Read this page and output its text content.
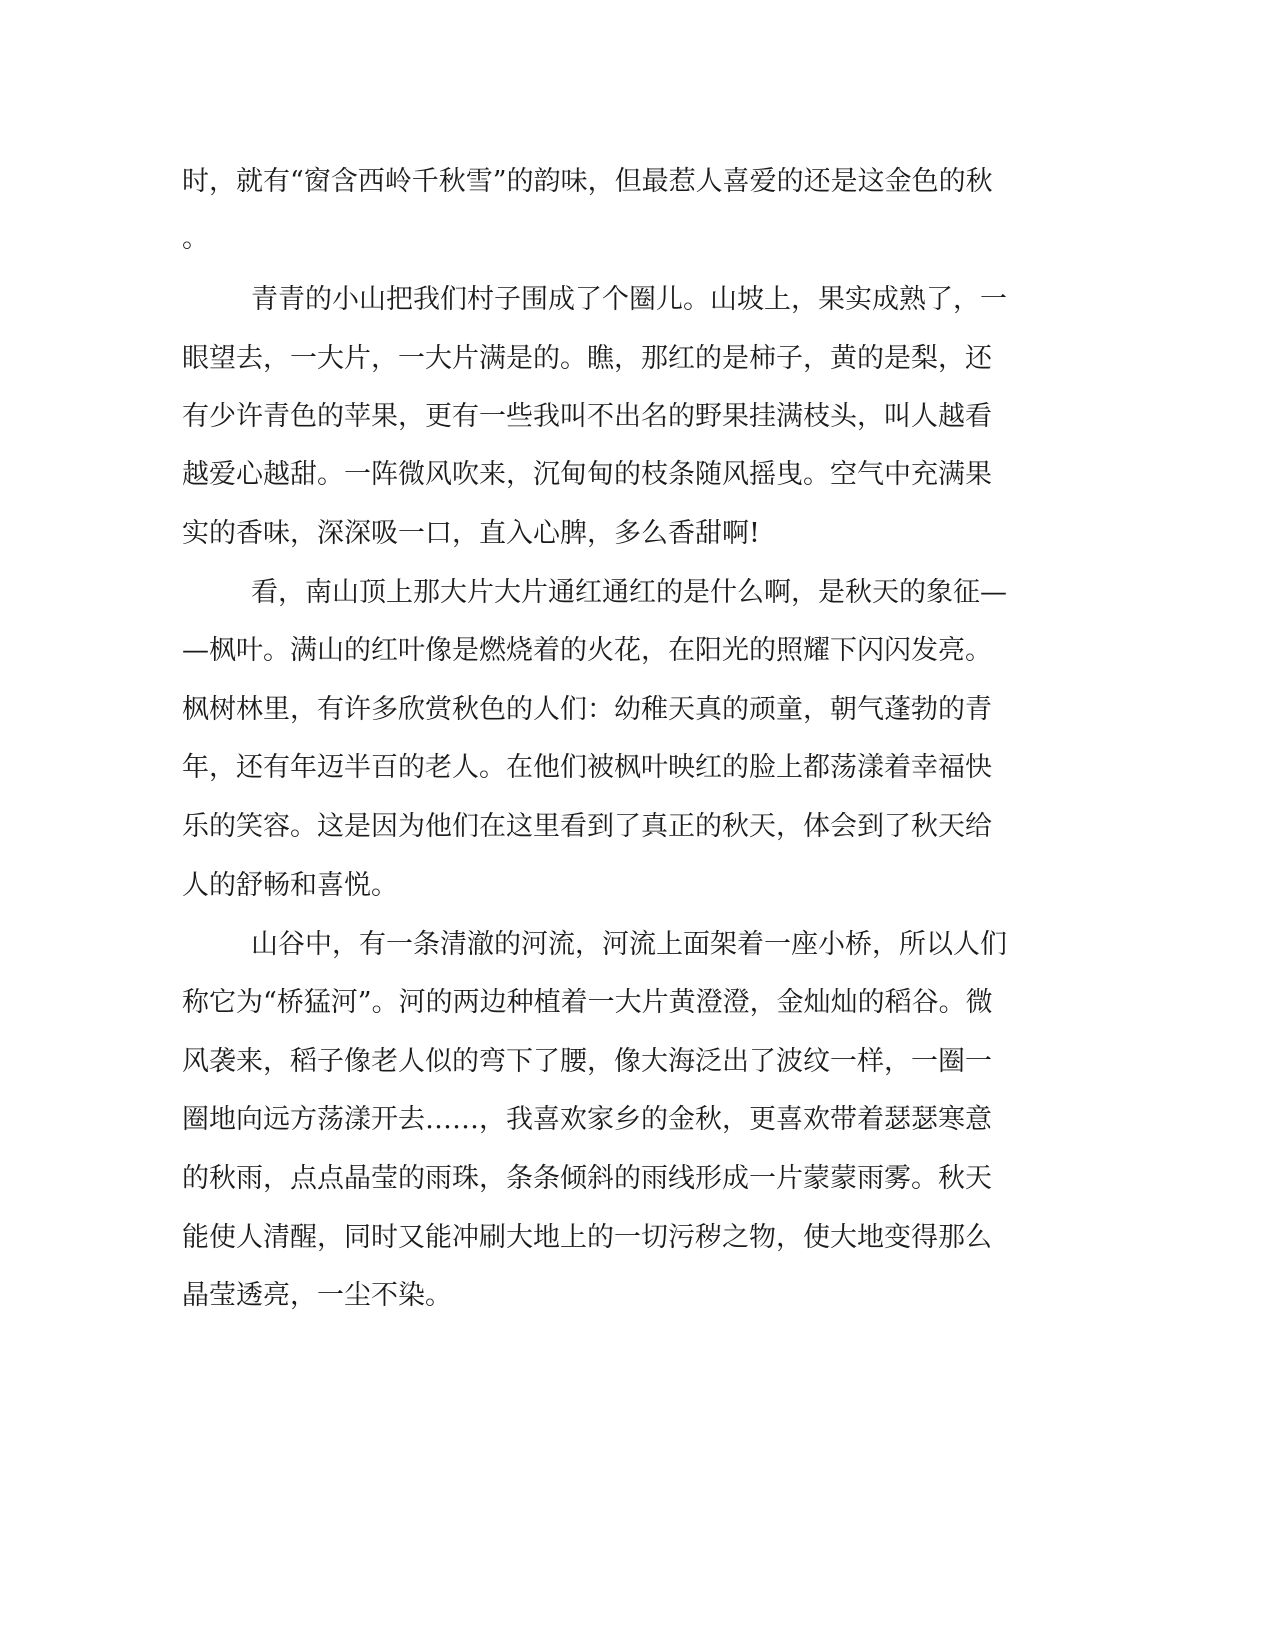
时，就有“窗含西岭千秋雪”的韵味，但最惹人喜爱的还是这金色的秋
。
青青的小山把我们村子围成了个圈儿。山坡上，果实成熟了，一
眼望去，一大片，一大片满是的。瞧，那红的是柿子，黄的是梨，还
有少许青色的苹果，更有一些我叫不出名的野果挂满枝头，叫人越看
越爱心越甜。一阵微风吹来，沉甸甸的枝条随风摇曳。空气中充满果
实的香味，深深吸一口，直入心脾，多么香甜啊!
看，南山顶上那大片大片通红通红的是什么啊，是秋天的象征—
—枫叶。满山的红叶像是燃烧着的火花，在阳光的照耀下闪闪发亮。
枫树林里，有许多欣赏秋色的人们：幼稚天真的顽童，朝气蓬勃的青
年，还有年迈半百的老人。在他们被枫叶映红的脸上都荡漾着幸福快
乐的笑容。这是因为他们在这里看到了真正的秋天，体会到了秋天给
人的舒畅和喜悦。
山谷中，有一条清澈的河流，河流上面架着一座小桥，所以人们
称它为“桥猛河”。河的两边种植着一大片黄澄澄，金灿灿的稻谷。微
风袭来，稻子像老人似的弯下了腰，像大海泛出了波纹一样，一圈一
圈地向远方荡漾开去……，我喜欢家乡的金秋，更喜欢带着瑟瑟寒意
的秋雨，点点晶莹的雨珠，条条倾斜的雨线形成一片蒙蒙雨雾。秋天
能使人清醒，同时又能冲刷大地上的一切污秽之物，使大地变得那么
晶莹透亮，一尘不染。
